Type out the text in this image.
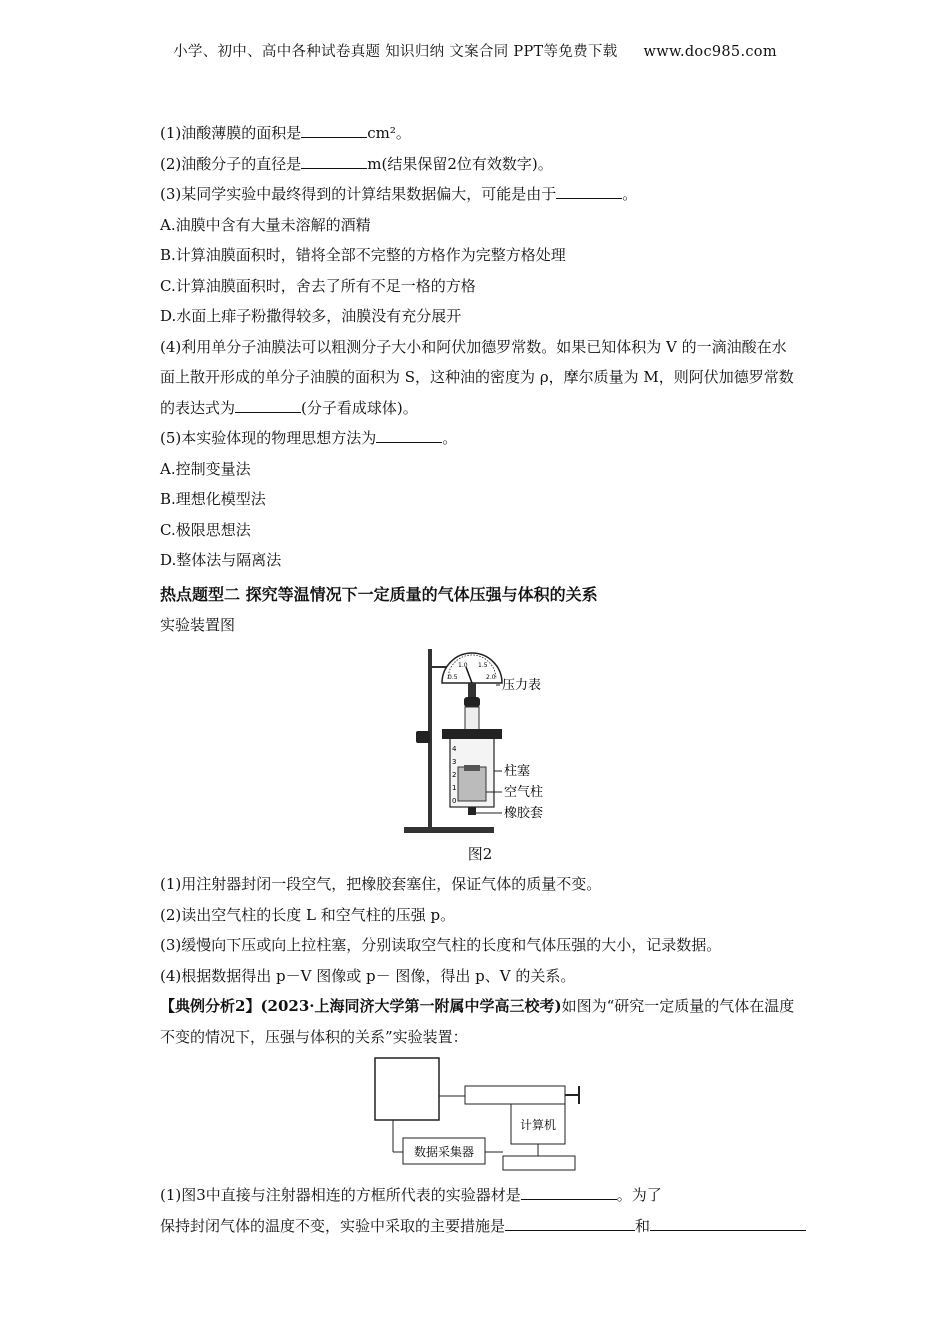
小学、初中、高中各种试卷真题 知识归纳 文案合同 PPT等免费下载 www.doc985.com
(1)油酸薄膜的面积是	cm²。
(2)油酸分子的直径是	m(结果保留2位有效数字)。
(3)某同学实验中最终得到的计算结果数据偏大，可能是由于	。
A.油膜中含有大量未溶解的酒精
B.计算油膜面积时，错将全部不完整的方格作为完整方格处理
C.计算油膜面积时，舍去了所有不足一格的方格
D.水面上痱子粉撒得较多，油膜没有充分展开
(4)利用单分子油膜法可以粗测分子大小和阿伏加德罗常数。如果已知体积为 V 的一滴油酸在水面上散开形成的单分子油膜的面积为 S，这种油的密度为 ρ，摩尔质量为 M，则阿伏加德罗常数的表达式为	(分子看成球体)。
(5)本实验体现的物理思想方法为	。
A.控制变量法
B.理想化模型法
C.极限思想法
D.整体法与隔离法
热点题型二 探究等温情况下一定质量的气体压强与体积的关系
实验装置图
0.5
1.0 1.5
2.0
4
3
2
1
0
压力表
柱塞
空气柱
橡胶套
图2
(1)用注射器封闭一段空气，把橡胶套塞住，保证气体的质量不变。
(2)读出空气柱的长度 L 和空气柱的压强 p。
(3)缓慢向下压或向上拉柱塞，分别读取空气柱的长度和气体压强的大小，记录数据。
(4)根据数据得出 p－V 图像或 p－ 图像，得出 p、V 的关系。
【典例分析2】(2023·上海同济大学第一附属中学高三校考)如图为“研究一定质量的气体在温度不变的情况下，压强与体积的关系”实验装置：
数据采集器
计算机
(1)图3中直接与注射器相连的方框所代表的实验器材是	。为了
保持封闭气体的温度不变，实验中采取的主要措施是	和
